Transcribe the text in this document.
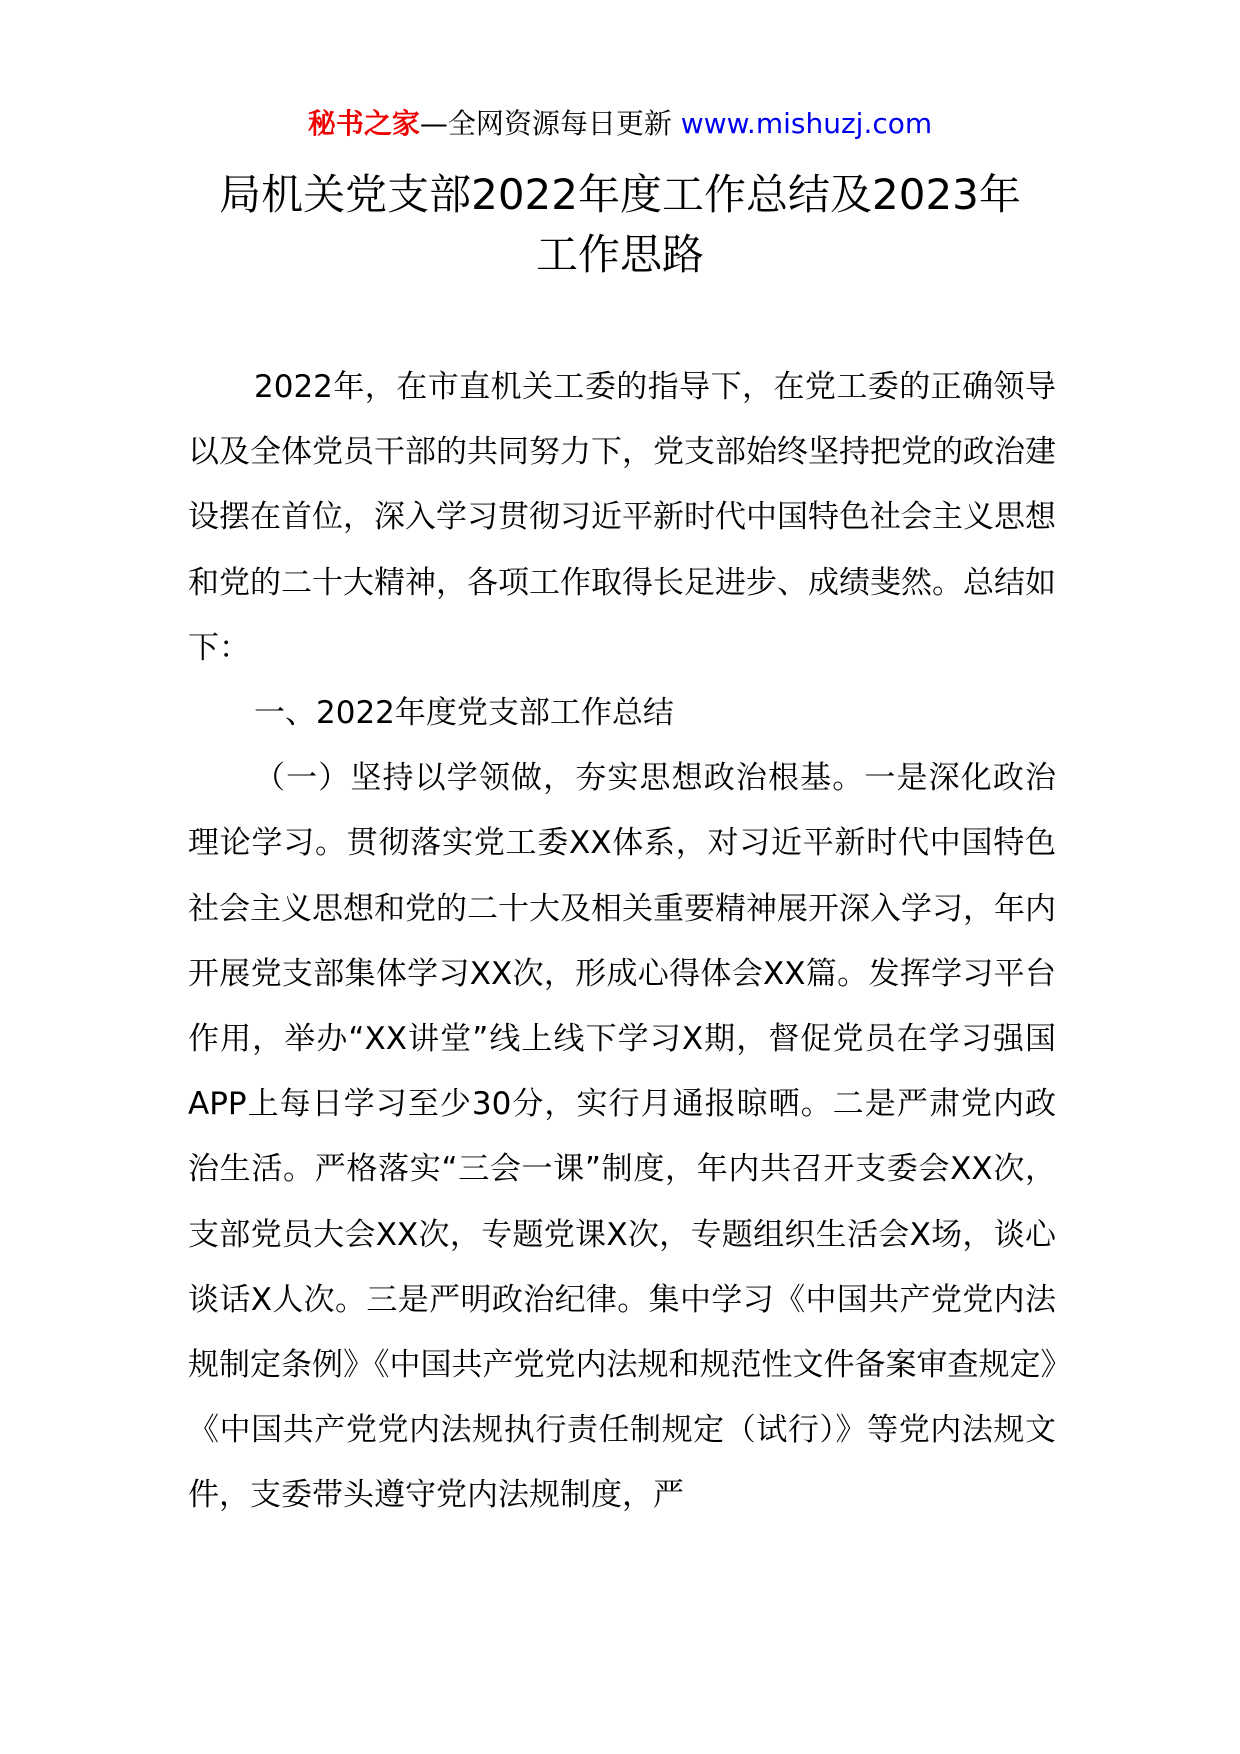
秘书之家—全网资源每日更新 www.mishuzj.com
局机关党支部2022年度工作总结及2023年
工作思路

2022年，在市直机关工委的指导下，在党工委的正确领导以及全体党员干部的共同努力下，党支部始终坚持把党的政治建设摆在首位，深入学习贯彻习近平新时代中国特色社会主义思想和党的二十大精神，各项工作取得长足进步、成绩斐然。总结如下：

一、2022年度党支部工作总结

（一）坚持以学领做，夯实思想政治根基。一是深化政治理论学习。贯彻落实党工委XX体系，对习近平新时代中国特色社会主义思想和党的二十大及相关重要精神展开深入学习，年内开展党支部集体学习XX次，形成心得体会XX篇。发挥学习平台作用，举办“XX讲堂”线上线下学习X期，督促党员在学习强国APP上每日学习至少30分，实行月通报晾晒。二是严肃党内政治生活。严格落实“三会一课”制度，年内共召开支委会XX次，支部党员大会XX次，专题党课X次，专题组织生活会X场，谈心谈话X人次。三是严明政治纪律。集中学习《中国共产党党内法规制定条例》《中国共产党党内法规和规范性文件备案审查规定》《中国共产党党内法规执行责任制规定（试行）》等党内法规文件，支委带头遵守党内法规制度，严
